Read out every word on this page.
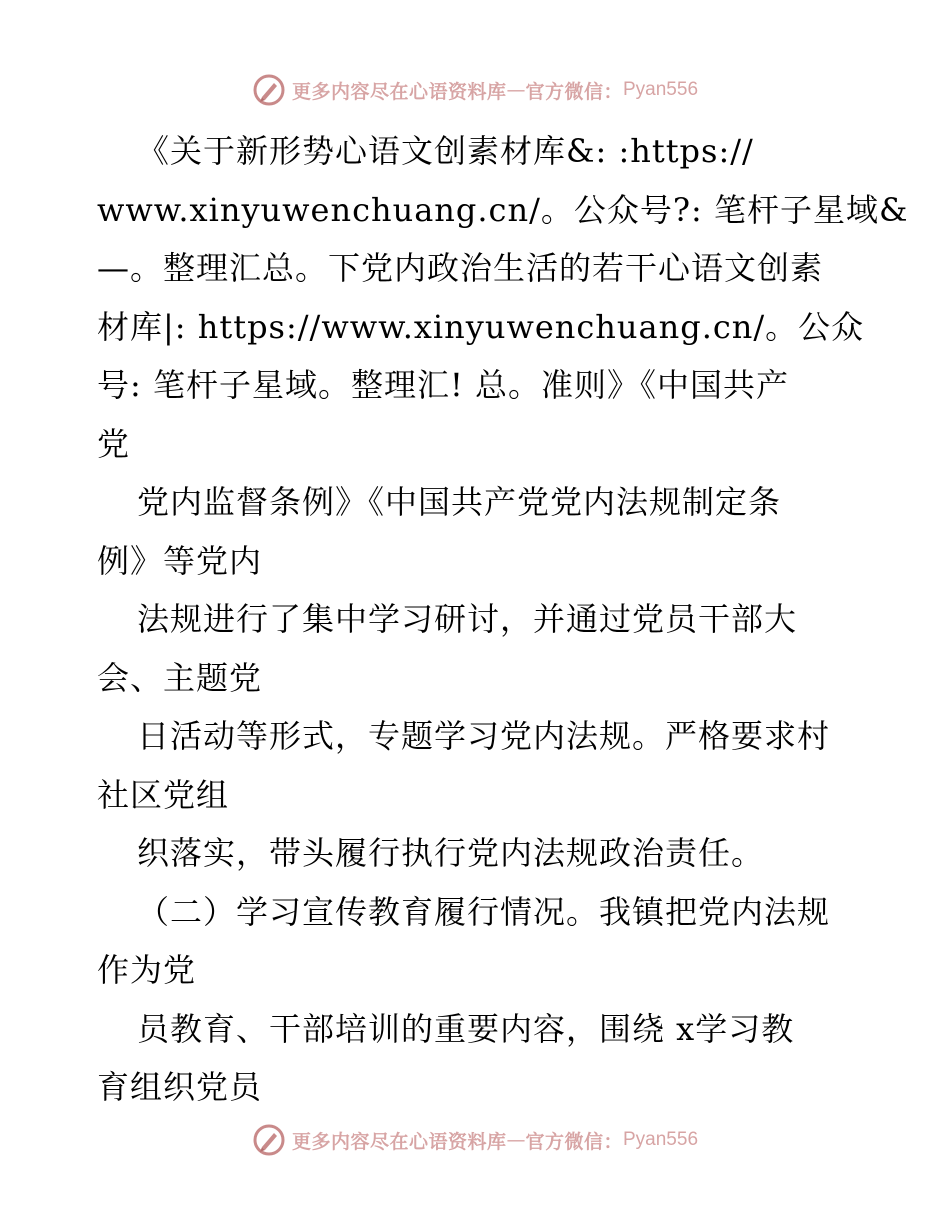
更多内容尽在心语资料库 — 官方微信： Pyan556
《关于新形势心语文创素材库&: :https://
www.xinyuwenchuang.cn/。公众号?: 笔杆子星域&
—。整理汇总。下党内政治生活的若干心语文创素
材库|: https://www.xinyuwenchuang.cn/。公众
号: 笔杆子星域。整理汇! 总。准则》《中国共产
党
党内监督条例》《中国共产党党内法规制定条
例》等党内
法规进行了集中学习研讨，并通过党员干部大
会、主题党
日活动等形式，专题学习党内法规。严格要求村
社区党组
织落实，带头履行执行党内法规政治责任。
（二）学习宣传教育履行情况。我镇把党内法规
作为党
员教育、干部培训的重要内容，围绕 x学习教
育组织党员
更多内容尽在心语资料库 — 官方微信： Pyan556
